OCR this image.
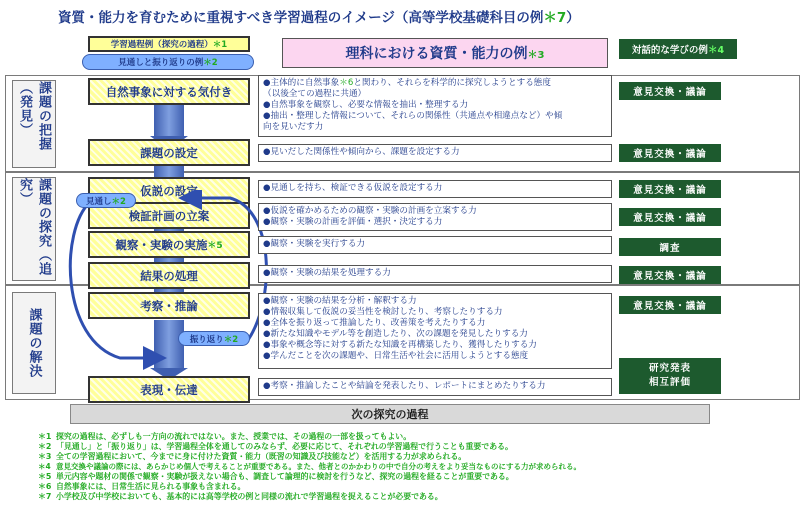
資質・能力を育むために重視すべき学習過程のイメージ（高等学校基礎科目の例＊7）
課題の把握（発見）
課題の探究（追究）
課題の解決
学習過程例（探究の過程） ＊1
見通しと振り返りの例 ＊2
理科における資質・能力の例 ＊3	対話的な学びの例 ＊4
自然事象に対する気付き
課題の設定
仮説の設定
検証計画の立案
観察・実験の実施 ＊5
結果の処理
考察・推論
表現・伝達
見通し ＊2
振り返り ＊2
●主体的に自然事象＊6と関わり、それらを科学的に探究しようとする態度
（以後全ての過程に共通）
●自然事象を観察し、必要な情報を抽出・整理する力
●抽出・整理した情報について、それらの関係性（共通点や相違点など）や傾
向を見いだす力
●見いだした関係性や傾向から、課題を設定する力
●見通しを持ち、検証できる仮説を設定する力
●仮説を確かめるための観察・実験の計画を立案する力
●観察・実験の計画を評価・選択・決定する力
●観察・実験を実行する力
●観察・実験の結果を処理する力
●観察・実験の結果を分析・解釈する力
●情報収集して仮説の妥当性を検討したり、考察したりする力
●全体を振り返って推論したり、改善策を考えたりする力
●新たな知識やモデル等を創造したり、次の課題を発見したりする力
●事象や概念等に対する新たな知識を再構築したり、獲得したりする力
●学んだことを次の課題や、日常生活や社会に活用しようとする態度
●考察・推論したことや結論を発表したり、レポートにまとめたりする力
意見交換・議論
意見交換・議論
意見交換・議論
意見交換・議論
調査
意見交換・議論
意見交換・議論
研究発表
相互評価
次の探究の過程
＊1 探究の過程は、必ずしも一方向の流れではない。また、授業では、その過程の一部を扱ってもよい。
＊2 「見通し」と「振り返り」は、学習過程全体を通してのみならず、必要に応じて、それぞれの学習過程で行うことも重要である。
＊3 全ての学習過程において、今までに身に付けた資質・能力（既習の知識及び技能など）を活用する力が求められる。
＊4 意見交換や議論の際には、あらかじめ個人で考えることが重要である。また、他者とのかかわりの中で自分の考えをより妥当なものにする力が求められる。
＊5 単元内容や題材の関係で観察・実験が扱えない場合も、調査して論理的に検討を行うなど、探究の過程を経ることが重要である。
＊6 自然事象には、日常生活に見られる事象も含まれる。
＊7 小学校及び中学校においても、基本的には高等学校の例と同様の流れで学習過程を捉えることが必要である。
